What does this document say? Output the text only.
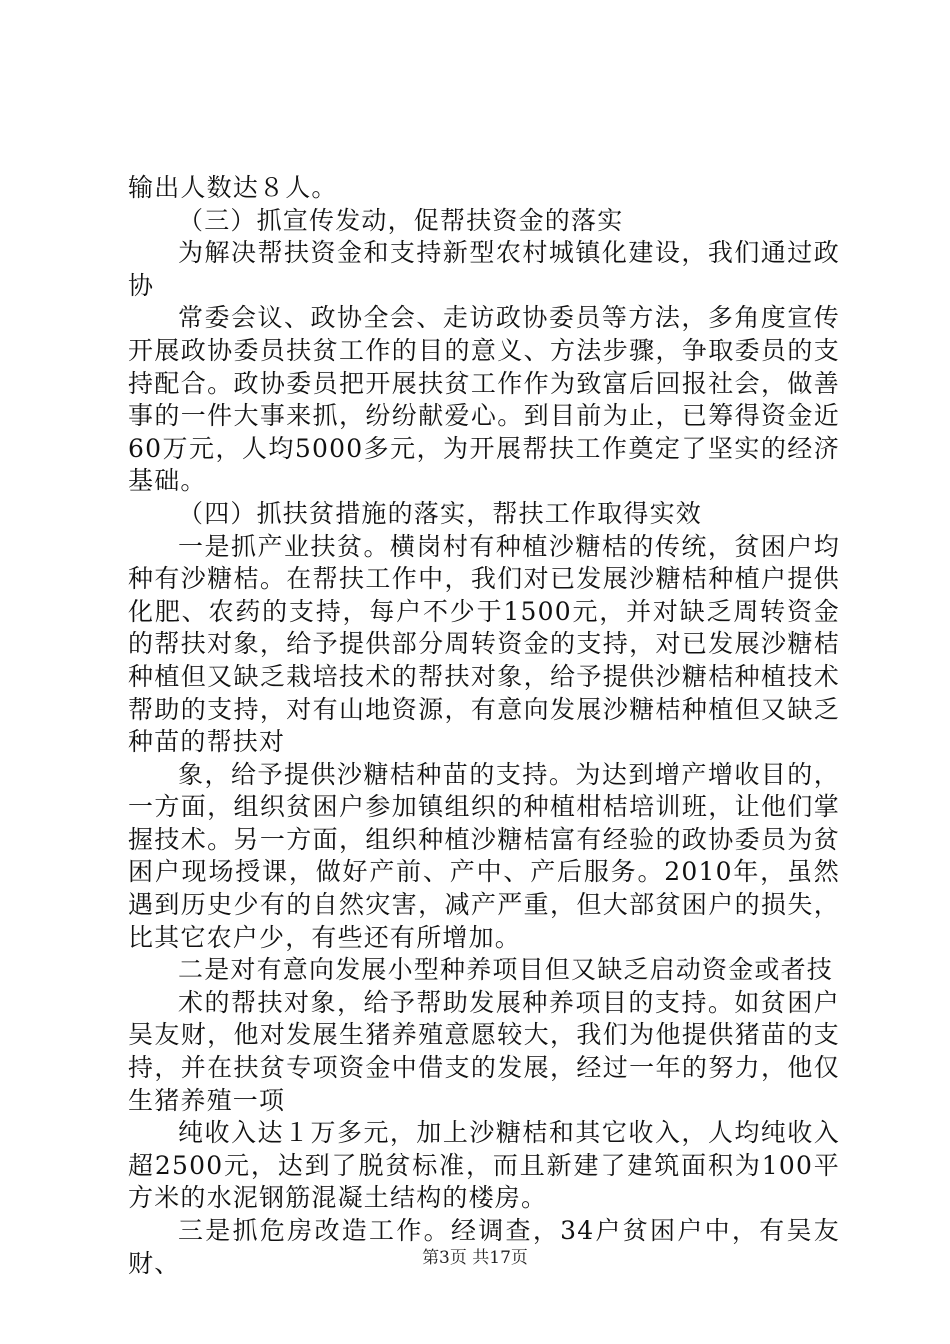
输出人数达８人。

（三）抓宣传发动，促帮扶资金的落实

为解决帮扶资金和支持新型农村城镇化建设，我们通过政协

常委会议、政协全会、走访政协委员等方法，多角度宣传开展政协委员扶贫工作的目的意义、方法步骤，争取委员的支持配合。政协委员把开展扶贫工作作为致富后回报社会，做善事的一件大事来抓，纷纷献爱心。到目前为止，已筹得资金近60万元，人均5000多元，为开展帮扶工作奠定了坚实的经济基础。

（四）抓扶贫措施的落实，帮扶工作取得实效

一是抓产业扶贫。横岗村有种植沙糖桔的传统，贫困户均种有沙糖桔。在帮扶工作中，我们对已发展沙糖桔种植户提供化肥、农药的支持，每户不少于1500元，并对缺乏周转资金的帮扶对象，给予提供部分周转资金的支持，对已发展沙糖桔种植但又缺乏栽培技术的帮扶对象，给予提供沙糖桔种植技术帮助的支持，对有山地资源，有意向发展沙糖桔种植但又缺乏种苗的帮扶对

象，给予提供沙糖桔种苗的支持。为达到增产增收目的，一方面，组织贫困户参加镇组织的种植柑桔培训班，让他们掌握技术。另一方面，组织种植沙糖桔富有经验的政协委员为贫困户现场授课，做好产前、产中、产后服务。2010年，虽然遇到历史少有的自然灾害，减产严重，但大部贫困户的损失，比其它农户少，有些还有所增加。

二是对有意向发展小型种养项目但又缺乏启动资金或者技

术的帮扶对象，给予帮助发展种养项目的支持。如贫困户吴友财，他对发展生猪养殖意愿较大，我们为他提供猪苗的支持，并在扶贫专项资金中借支的发展，经过一年的努力，他仅生猪养殖一项

纯收入达１万多元，加上沙糖桔和其它收入，人均纯收入超2500元，达到了脱贫标准，而且新建了建筑面积为100平方米的水泥钢筋混凝土结构的楼房。

三是抓危房改造工作。经调查，34户贫困户中，有吴友财、	第3页 共17页
